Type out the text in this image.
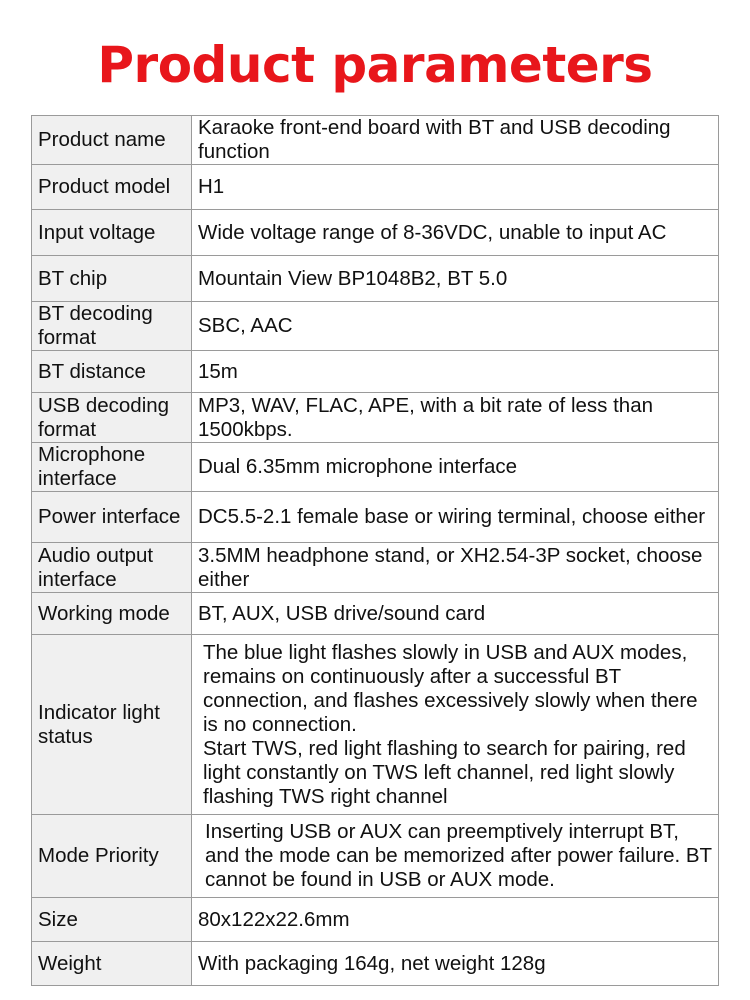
Product parameters
Product name	Karaoke front-end board with BT and USB decoding function
Product model	H1
Input voltage	Wide voltage range of 8-36VDC, unable to input AC
BT chip	Mountain View BP1048B2, BT 5.0
BT decoding format	SBC, AAC
BT distance	15m
USB decoding format	MP3, WAV, FLAC, APE, with a bit rate of less than 1500kbps.
Microphone interface	Dual 6.35mm microphone interface
Power interface	DC5.5-2.1 female base or wiring terminal, choose either
Audio output interface	3.5MM headphone stand, or XH2.54-3P socket, choose either
Working mode	BT, AUX, USB drive/sound card
Indicator light status	The blue light flashes slowly in USB and AUX modes, remains on continuously after a successful BT connection, and flashes excessively slowly when there is no connection.
Start TWS, red light flashing to search for pairing, red light constantly on TWS left channel, red light slowly flashing TWS right channel
Mode Priority	Inserting USB or AUX can preemptively interrupt BT, and the mode can be memorized after power failure. BT cannot be found in USB or AUX mode.
Size	80x122x22.6mm
Weight	With packaging 164g, net weight 128g
